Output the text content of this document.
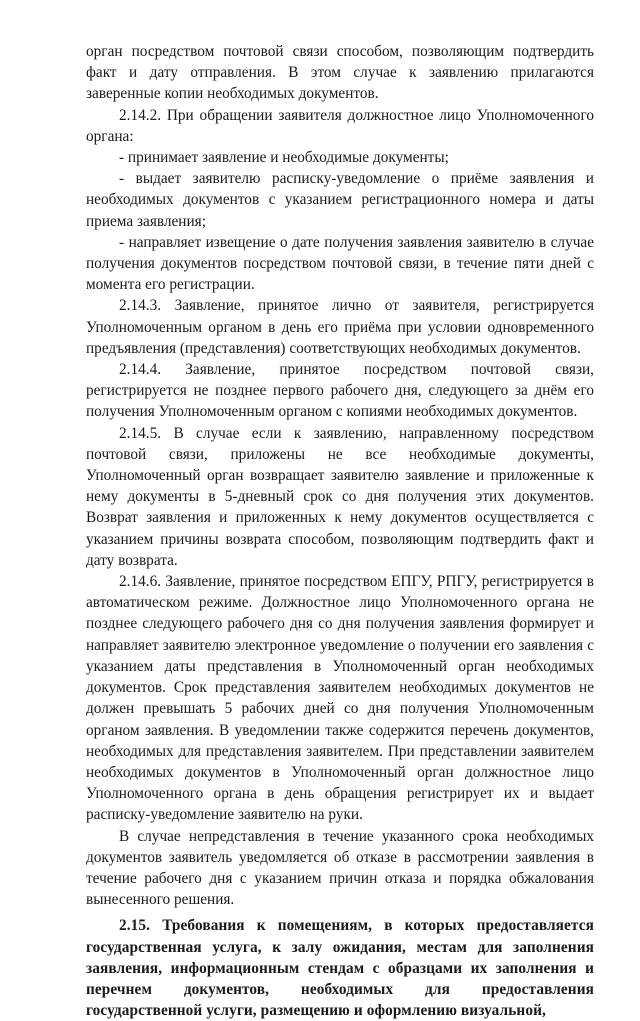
орган посредством почтовой связи способом, позволяющим подтвердить факт и дату отправления. В этом случае к заявлению прилагаются заверенные копии необходимых документов.

2.14.2. При обращении заявителя должностное лицо Уполномоченного органа:

- принимает заявление и необходимые документы;

- выдает заявителю расписку-уведомление о приёме заявления и необходимых документов с указанием регистрационного номера и даты приема заявления;

- направляет извещение о дате получения заявления заявителю в случае получения документов посредством почтовой связи, в течение пяти дней с момента его регистрации.

2.14.3. Заявление, принятое лично от заявителя, регистрируется Уполномоченным органом в день его приёма при условии одновременного предъявления (представления) соответствующих необходимых документов.

2.14.4. Заявление, принятое посредством почтовой связи, регистрируется не позднее первого рабочего дня, следующего за днём его получения Уполномоченным органом с копиями необходимых документов.

2.14.5. В случае если к заявлению, направленному посредством почтовой связи, приложены не все необходимые документы, Уполномоченный орган возвращает заявителю заявление и приложенные к нему документы в 5-дневный срок со дня получения этих документов. Возврат заявления и приложенных к нему документов осуществляется с указанием причины возврата способом, позволяющим подтвердить факт и дату возврата.

2.14.6. Заявление, принятое посредством ЕПГУ, РПГУ, регистрируется в автоматическом режиме. Должностное лицо Уполномоченного органа не позднее следующего рабочего дня со дня получения заявления формирует и направляет заявителю электронное уведомление о получении его заявления с указанием даты представления в Уполномоченный орган необходимых документов. Срок представления заявителем необходимых документов не должен превышать 5 рабочих дней со дня получения Уполномоченным органом заявления. В уведомлении также содержится перечень документов, необходимых для представления заявителем. При представлении заявителем необходимых документов в Уполномоченный орган должностное лицо Уполномоченного органа в день обращения регистрирует их и выдает расписку-уведомление заявителю на руки.

В случае непредставления в течение указанного срока необходимых документов заявитель уведомляется об отказе в рассмотрении заявления в течение рабочего дня с указанием причин отказа и порядка обжалования вынесенного решения.

2.15. Требования к помещениям, в которых предоставляется государственная услуга, к залу ожидания, местам для заполнения заявления, информационным стендам с образцами их заполнения и перечнем документов, необходимых для предоставления государственной услуги, размещению и оформлению визуальной,
